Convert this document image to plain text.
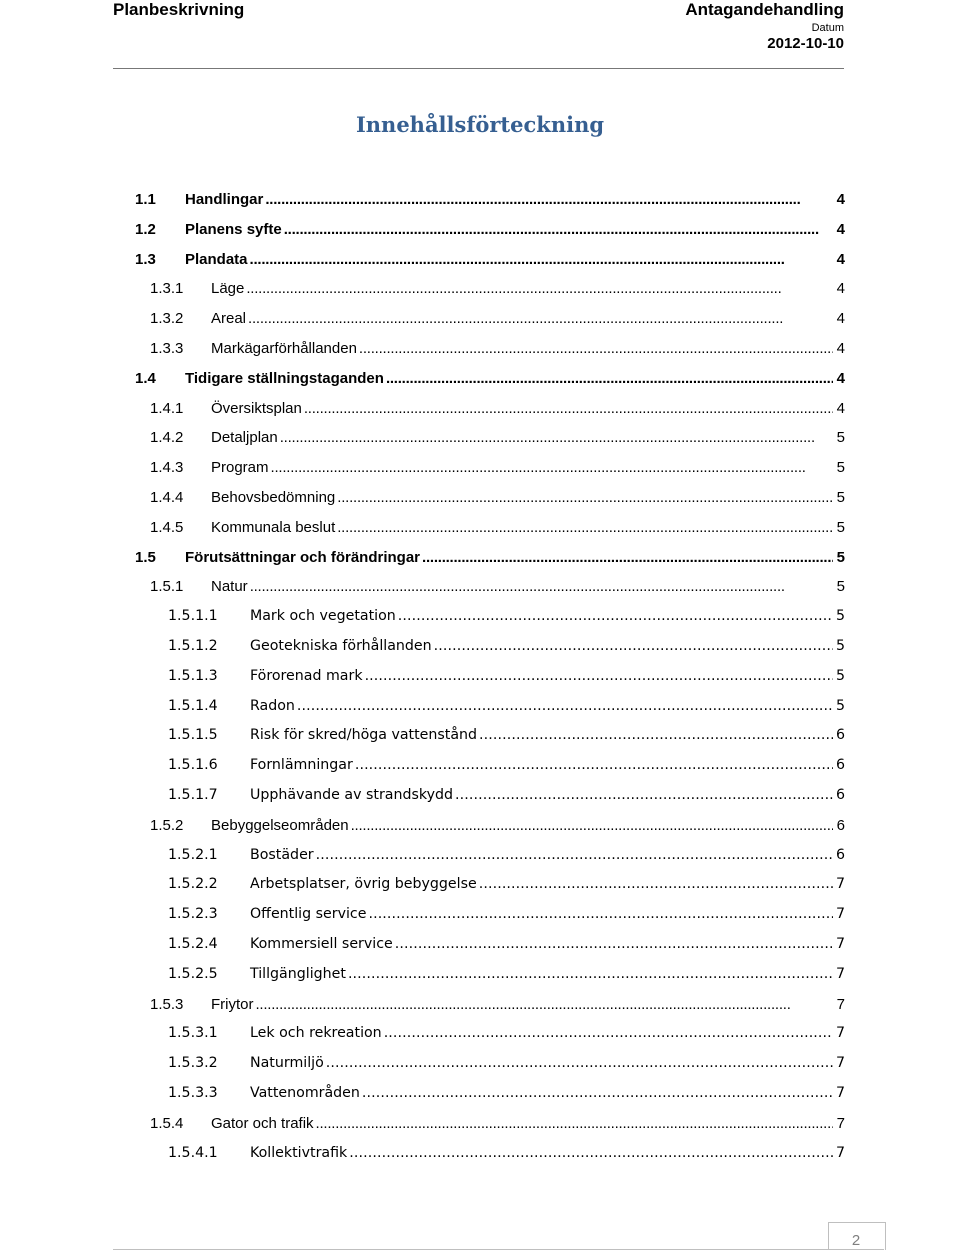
Planbeskrivning	Antagandehandling
Datum
2012-10-10
Innehållsförteckning
1.1	Handlingar . . .	4
1.2	Planens syfte . . .	4
1.3	Plandata . . .	4
1.3.1	Läge . . .	4
1.3.2	Areal . . .	4
1.3.3	Markägarförhållanden . . .	4
1.4	Tidigare ställningstaganden . . .	4
1.4.1	Översiktsplan . . .	4
1.4.2	Detaljplan . . .	5
1.4.3	Program . . .	5
1.4.4	Behovsbedömning . . .	5
1.4.5	Kommunala beslut . . .	5
1.5	Förutsättningar och förändringar . . .	5
1.5.1	Natur . . .	5
1.5.1.1	Mark och vegetation . . .	5
1.5.1.2	Geotekniska förhållanden . . .	5
1.5.1.3	Förorenad mark . . .	5
1.5.1.4	Radon . . .	5
1.5.1.5	Risk för skred/höga vattenstånd . . .	6
1.5.1.6	Fornlämningar . . .	6
1.5.1.7	Upphävande av strandskydd . . .	6
1.5.2	Bebyggelseområden . . .	6
1.5.2.1	Bostäder . . .	6
1.5.2.2	Arbetsplatser, övrig bebyggelse . . .	7
1.5.2.3	Offentlig service . . .	7
1.5.2.4	Kommersiell service . . .	7
1.5.2.5	Tillgänglighet . . .	7
1.5.3	Friytor . . .	7
1.5.3.1	Lek och rekreation . . .	7
1.5.3.2	Naturmiljö . . .	7
1.5.3.3	Vattenområden . . .	7
1.5.4	Gator och trafik . . .	7
1.5.4.1	Kollektivtrafik . . .	7
2
